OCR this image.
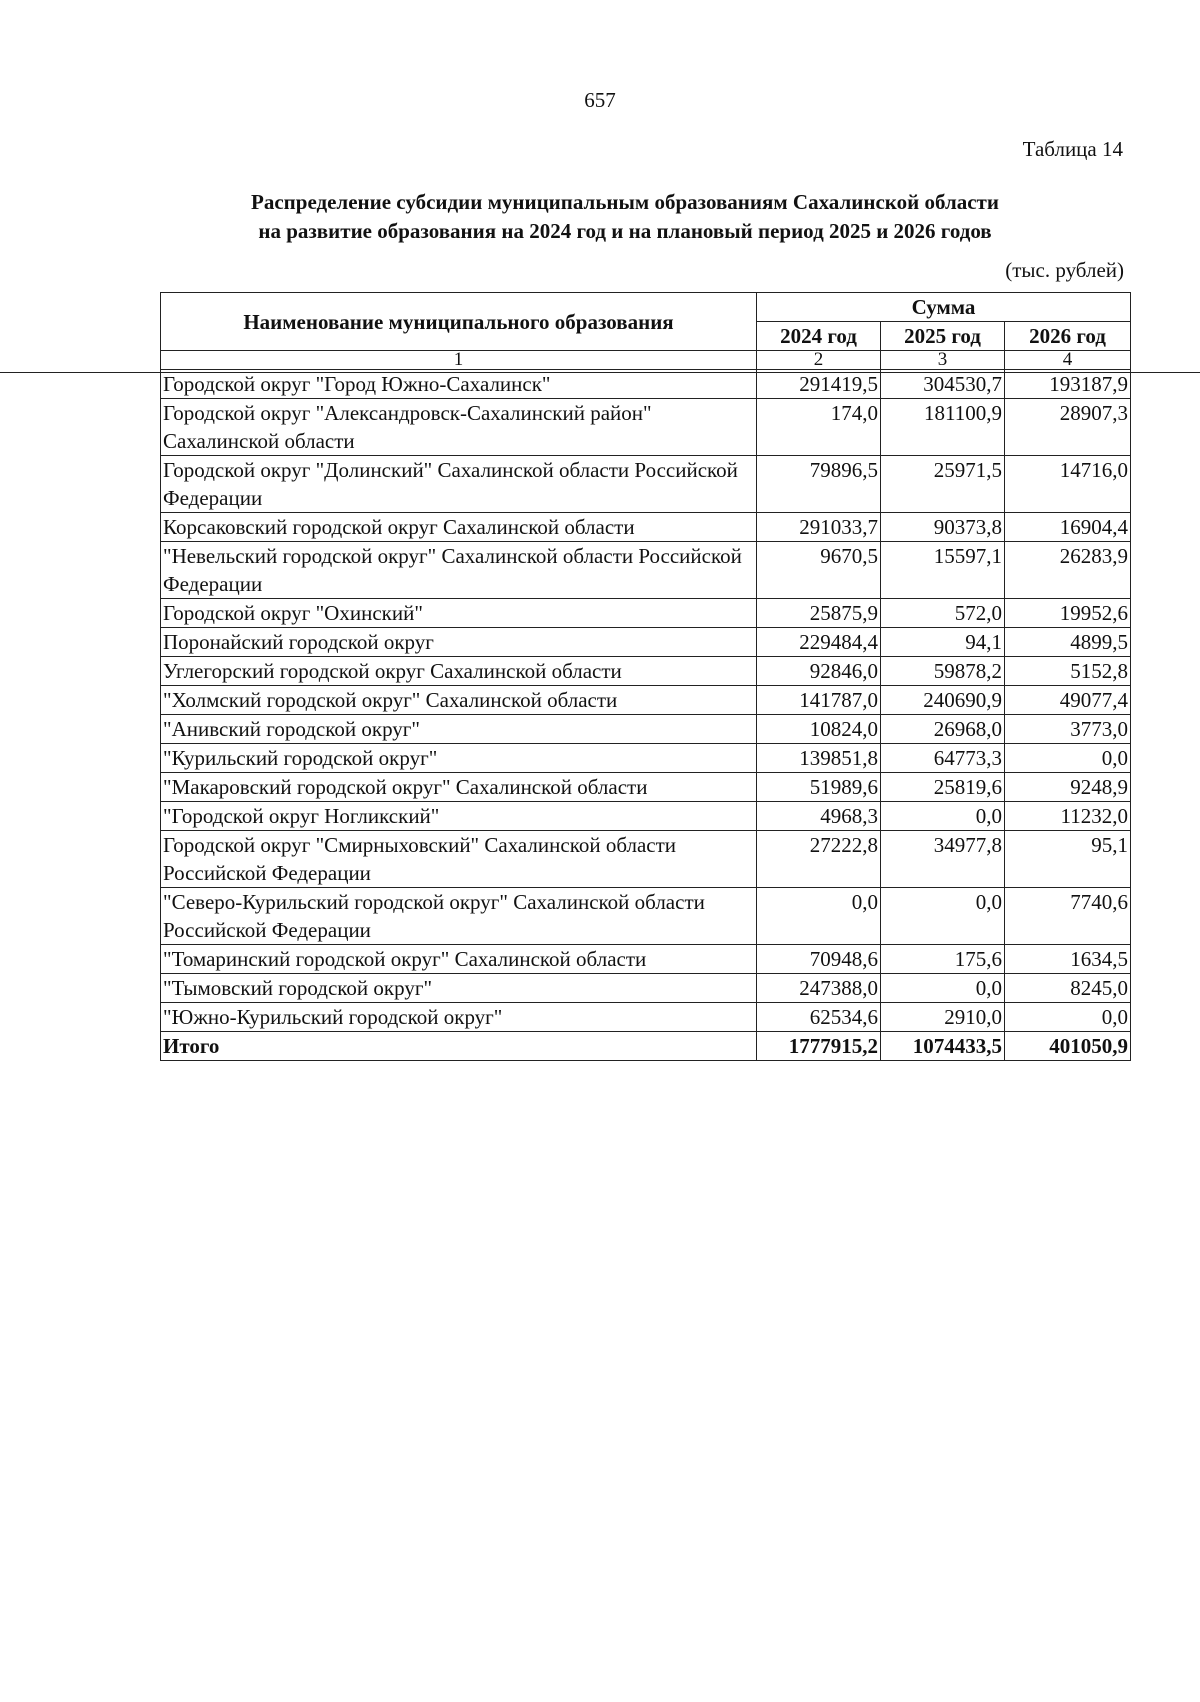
657
Таблица 14
Распределение субсидии муниципальным образованиям Сахалинской области
на развитие образования на 2024 год и на плановый период 2025 и 2026 годов
(тыс. рублей)
Наименование муниципального образования	Сумма		
	2024 год	2025 год	2026 год
1	2	3	4
Городской округ "Город Южно-Сахалинск"	291419,5	304530,7	193187,9
Городской округ "Александровск-Сахалинский район" Сахалинской области	174,0	181100,9	28907,3
Городской округ "Долинский" Сахалинской области Российской Федерации	79896,5	25971,5	14716,0
Корсаковский городской округ Сахалинской области	291033,7	90373,8	16904,4
"Невельский городской округ" Сахалинской области Российской Федерации	9670,5	15597,1	26283,9
Городской округ "Охинский"	25875,9	572,0	19952,6
Поронайский городской округ	229484,4	94,1	4899,5
Углегорский городской округ Сахалинской области	92846,0	59878,2	5152,8
"Холмский городской округ" Сахалинской области	141787,0	240690,9	49077,4
"Анивский городской округ"	10824,0	26968,0	3773,0
"Курильский городской округ"	139851,8	64773,3	0,0
"Макаровский городской округ" Сахалинской области	51989,6	25819,6	9248,9
"Городской округ Ногликский"	4968,3	0,0	11232,0
Городской округ "Смирныховский" Сахалинской области Российской Федерации	27222,8	34977,8	95,1
"Северо-Курильский городской округ" Сахалинской области Российской Федерации	0,0	0,0	7740,6
"Томаринский городской округ" Сахалинской области	70948,6	175,6	1634,5
"Тымовский городской округ"	247388,0	0,0	8245,0
"Южно-Курильский городской округ"	62534,6	2910,0	0,0
Итого	1777915,2	1074433,5	401050,9
